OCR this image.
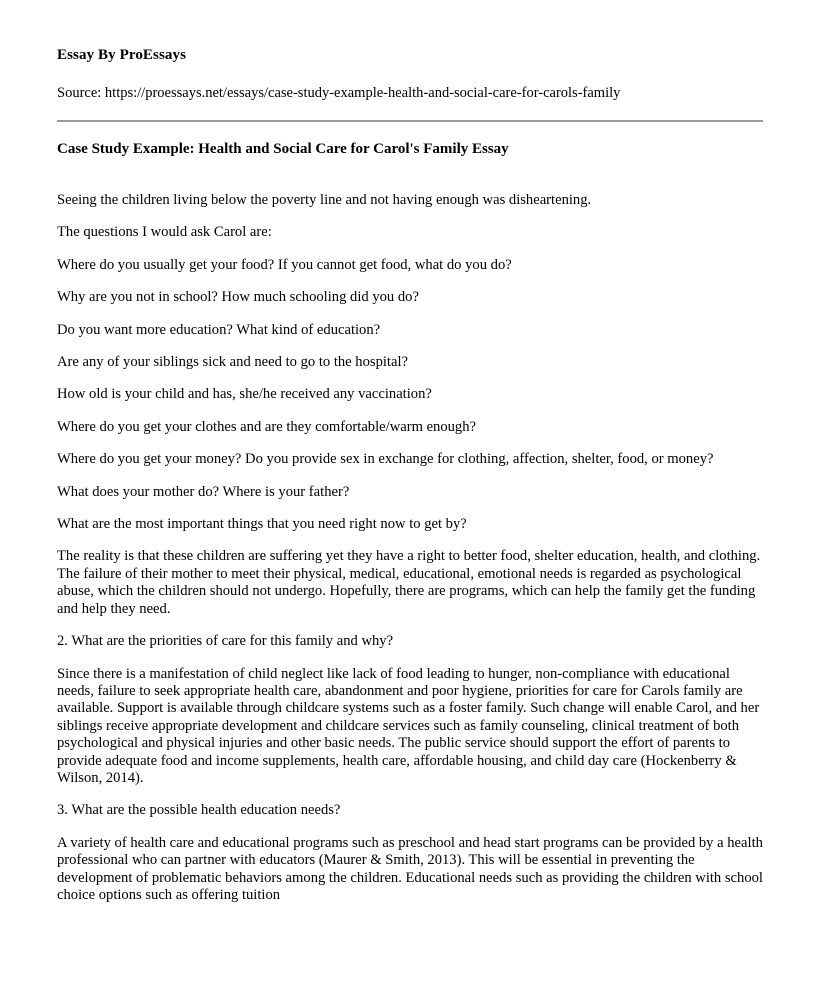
Essay By ProEssays
Source: https://proessays.net/essays/case-study-example-health-and-social-care-for-carols-family
Case Study Example: Health and Social Care for Carol's Family Essay

Seeing the children living below the poverty line and not having enough was disheartening.

The questions I would ask Carol are:

Where do you usually get your food? If you cannot get food, what do you do?

Why are you not in school? How much schooling did you do?

Do you want more education? What kind of education?

Are any of your siblings sick and need to go to the hospital?

How old is your child and has, she/he received any vaccination?

Where do you get your clothes and are they comfortable/warm enough?

Where do you get your money? Do you provide sex in exchange for clothing, affection, shelter, food, or money?

What does your mother do? Where is your father?

What are the most important things that you need right now to get by?

The reality is that these children are suffering yet they have a right to better food, shelter education, health, and clothing. The failure of their mother to meet their physical, medical, educational, emotional needs is regarded as psychological abuse, which the children should not undergo. Hopefully, there are programs, which can help the family get the funding and help they need.

2. What are the priorities of care for this family and why?

Since there is a manifestation of child neglect like lack of food leading to hunger, non-compliance with educational needs, failure to seek appropriate health care, abandonment and poor hygiene, priorities for care for Carols family are available. Support is available through childcare systems such as a foster family. Such change will enable Carol, and her siblings receive appropriate development and childcare services such as family counseling, clinical treatment of both psychological and physical injuries and other basic needs. The public service should support the effort of parents to provide adequate food and income supplements, health care, affordable housing, and child day care (Hockenberry & Wilson, 2014).

3. What are the possible health education needs?

A variety of health care and educational programs such as preschool and head start programs can be provided by a health professional who can partner with educators (Maurer & Smith, 2013). This will be essential in preventing the development of problematic behaviors among the children. Educational needs such as providing the children with school choice options such as offering tuition
